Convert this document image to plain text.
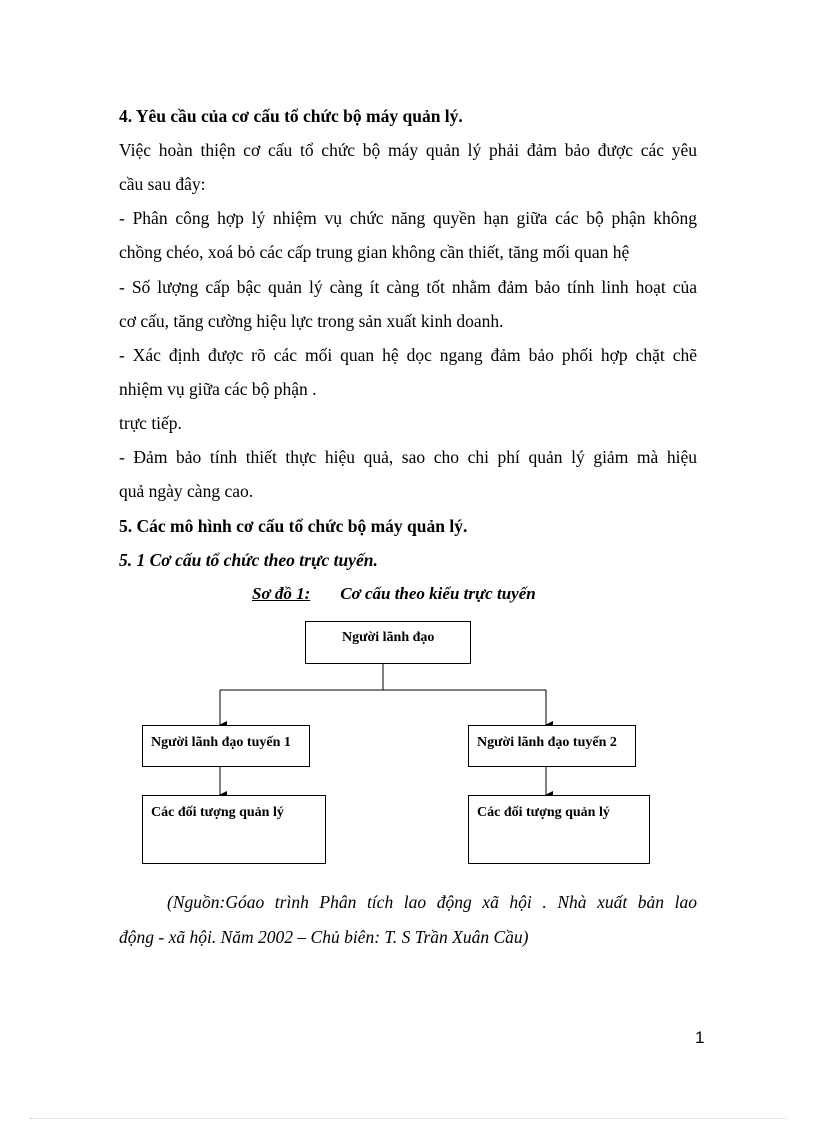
4. Yêu cầu của cơ cấu tổ chức bộ máy quản lý.
Việc hoàn thiện cơ cấu tổ chức bộ máy quản lý phải đảm bảo được các yêu
cầu sau đây:
- Phân công hợp lý nhiệm vụ chức năng quyền hạn giữa các bộ phận không
chồng chéo, xoá bỏ các cấp trung gian không cần thiết, tăng mối quan hệ
- Số lượng cấp bậc quản lý càng ít càng tốt nhằm đảm bảo tính linh hoạt của
cơ cấu, tăng cường hiệu lực trong sản xuất kinh doanh.
- Xác định được rõ các mối quan hệ dọc ngang đảm bảo phối hợp chặt chẽ
nhiệm vụ giữa các bộ phận .
trực tiếp.
- Đảm bảo tính thiết thực hiệu quả, sao cho chi phí quản lý giảm mà hiệu
quả ngày càng cao.
5. Các mô hình cơ cấu tổ chức bộ máy quản lý.
5. 1 Cơ cấu tổ chức theo trực tuyến.
Sơ đồ 1: Cơ cấu theo kiểu trực tuyến
Người lãnh đạo
Người lãnh đạo tuyến 1	Người lãnh đạo tuyến 2
Các đối tượng quản lý	Các đối tượng quản lý
(Nguồn:Góao trình Phân tích lao động xã hội . Nhà xuất bản lao
động - xã hội. Năm 2002 – Chủ biên: T. S Trần Xuân Cầu)
1
